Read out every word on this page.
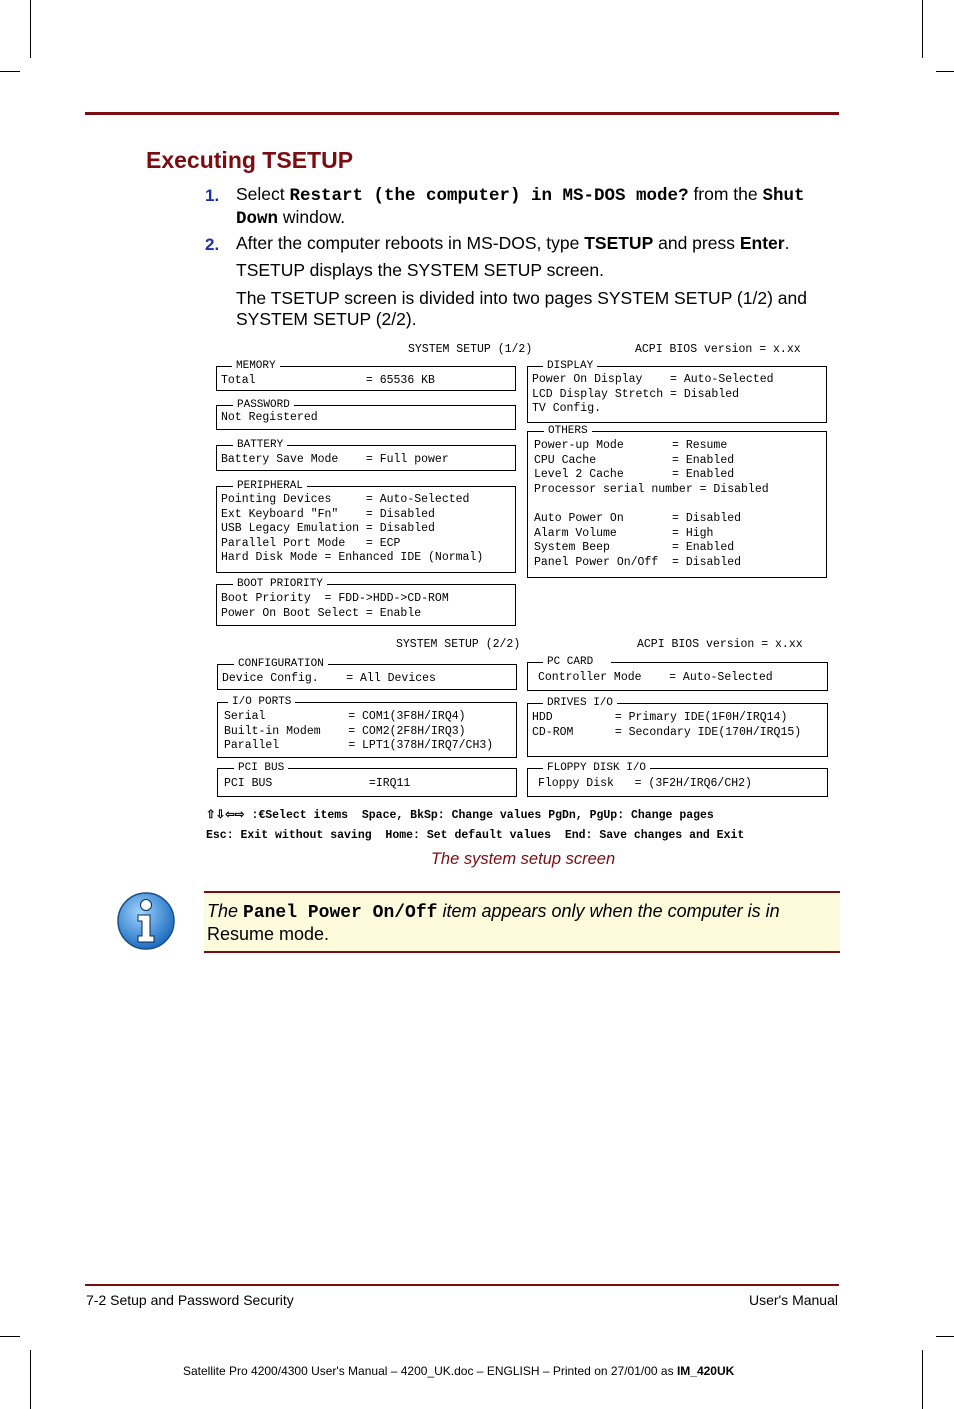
Executing TSETUP
1. Select Restart (the computer) in MS-DOS mode? from the Shut Down window.
2. After the computer reboots in MS-DOS, type TSETUP and press Enter.
TSETUP displays the SYSTEM SETUP screen.
The TSETUP screen is divided into two pages SYSTEM SETUP (1/2) and SYSTEM SETUP (2/2).
SYSTEM SETUP (1/2)	ACPI BIOS version = x.xx
MEMORY
Total                = 65536 KB
PASSWORD
Not Registered
BATTERY
Battery Save Mode    = Full power
PERIPHERAL
Pointing Devices     = Auto-Selected
Ext Keyboard "Fn"    = Disabled
USB Legacy Emulation = Disabled
Parallel Port Mode   = ECP
Hard Disk Mode = Enhanced IDE (Normal)
BOOT PRIORITY
Boot Priority  = FDD->HDD->CD-ROM
Power On Boot Select = Enable
DISPLAY
Power On Display    = Auto-Selected
LCD Display Stretch = Disabled
TV Config.
OTHERS
Power-up Mode       = Resume
CPU Cache           = Enabled
Level 2 Cache       = Enabled
Processor serial number = Disabled

Auto Power On       = Disabled
Alarm Volume        = High
System Beep         = Enabled
Panel Power On/Off  = Disabled
SYSTEM SETUP (2/2)	ACPI BIOS version = x.xx
CONFIGURATION
Device Config.    = All Devices
I/O PORTS
Serial            = COM1(3F8H/IRQ4)
Built-in Modem    = COM2(2F8H/IRQ3)
Parallel          = LPT1(378H/IRQ7/CH3)
PCI BUS
PCI BUS              =IRQ11
PC CARD
Controller Mode    = Auto-Selected
DRIVES I/O
HDD         = Primary IDE(1F0H/IRQ14)
CD-ROM      = Secondary IDE(170H/IRQ15)
FLOPPY DISK I/O
Floppy Disk   = (3F2H/IRQ6/CH2)
⇧⇩⇦⇨ :€Select items  Space, BkSp: Change values PgDn, PgUp: Change pages
Esc: Exit without saving  Home: Set default values  End: Save changes and Exit
The system setup screen
The Panel Power On/Off item appears only when the computer is in
Resume mode.
7-2 Setup and Password Security	User's Manual
Satellite Pro 4200/4300 User's Manual – 4200_UK.doc – ENGLISH – Printed on 27/01/00 as IM_420UK
